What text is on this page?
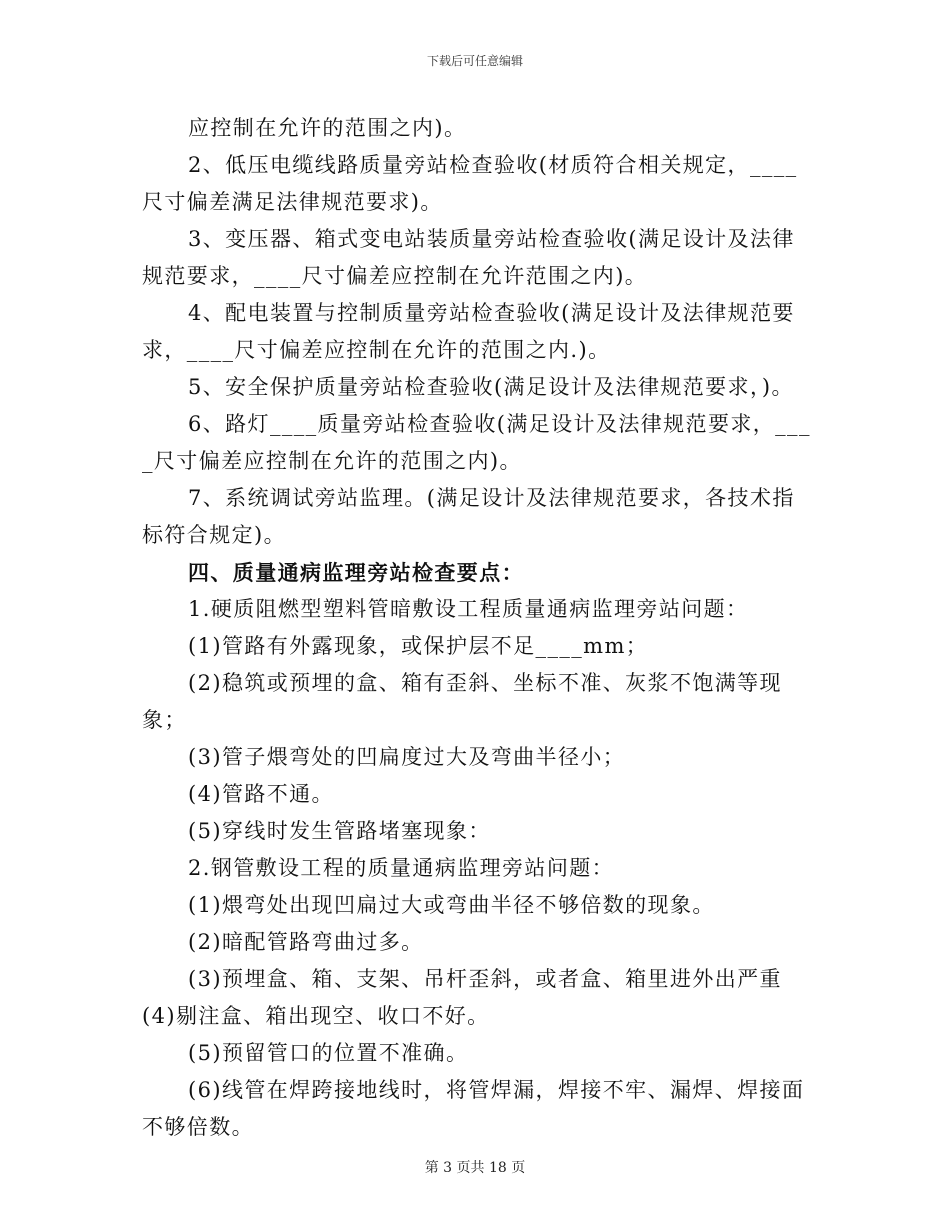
下载后可任意编辑

应控制在允许的范围之内)。

2、低压电缆线路质量旁站检查验收(材质符合相关规定，____尺寸偏差满足法律规范要求)。

3、变压器、箱式变电站装质量旁站检查验收(满足设计及法律规范要求，____尺寸偏差应控制在允许范围之内)。

4、配电装置与控制质量旁站检查验收(满足设计及法律规范要求，____尺寸偏差应控制在允许的范围之内.)。

5、安全保护质量旁站检查验收(满足设计及法律规范要求，)。

6、路灯____质量旁站检查验收(满足设计及法律规范要求，____尺寸偏差应控制在允许的范围之内)。

7、系统调试旁站监理。(满足设计及法律规范要求，各技术指标符合规定)。

四、质量通病监理旁站检查要点：

1.硬质阻燃型塑料管暗敷设工程质量通病监理旁站问题：

(1)管路有外露现象，或保护层不足____mm；

(2)稳筑或预埋的盒、箱有歪斜、坐标不准、灰浆不饱满等现象；

(3)管子煨弯处的凹扁度过大及弯曲半径小；

(4)管路不通。

(5)穿线时发生管路堵塞现象：

2.钢管敷设工程的质量通病监理旁站问题：

(1)煨弯处出现凹扁过大或弯曲半径不够倍数的现象。

(2)暗配管路弯曲过多。

(3)预埋盒、箱、支架、吊杆歪斜，或者盒、箱里进外出严重(4)剔注盒、箱出现空、收口不好。

(5)预留管口的位置不准确。

(6)线管在焊跨接地线时，将管焊漏，焊接不牢、漏焊、焊接面不够倍数。

第 3 页共 18 页
